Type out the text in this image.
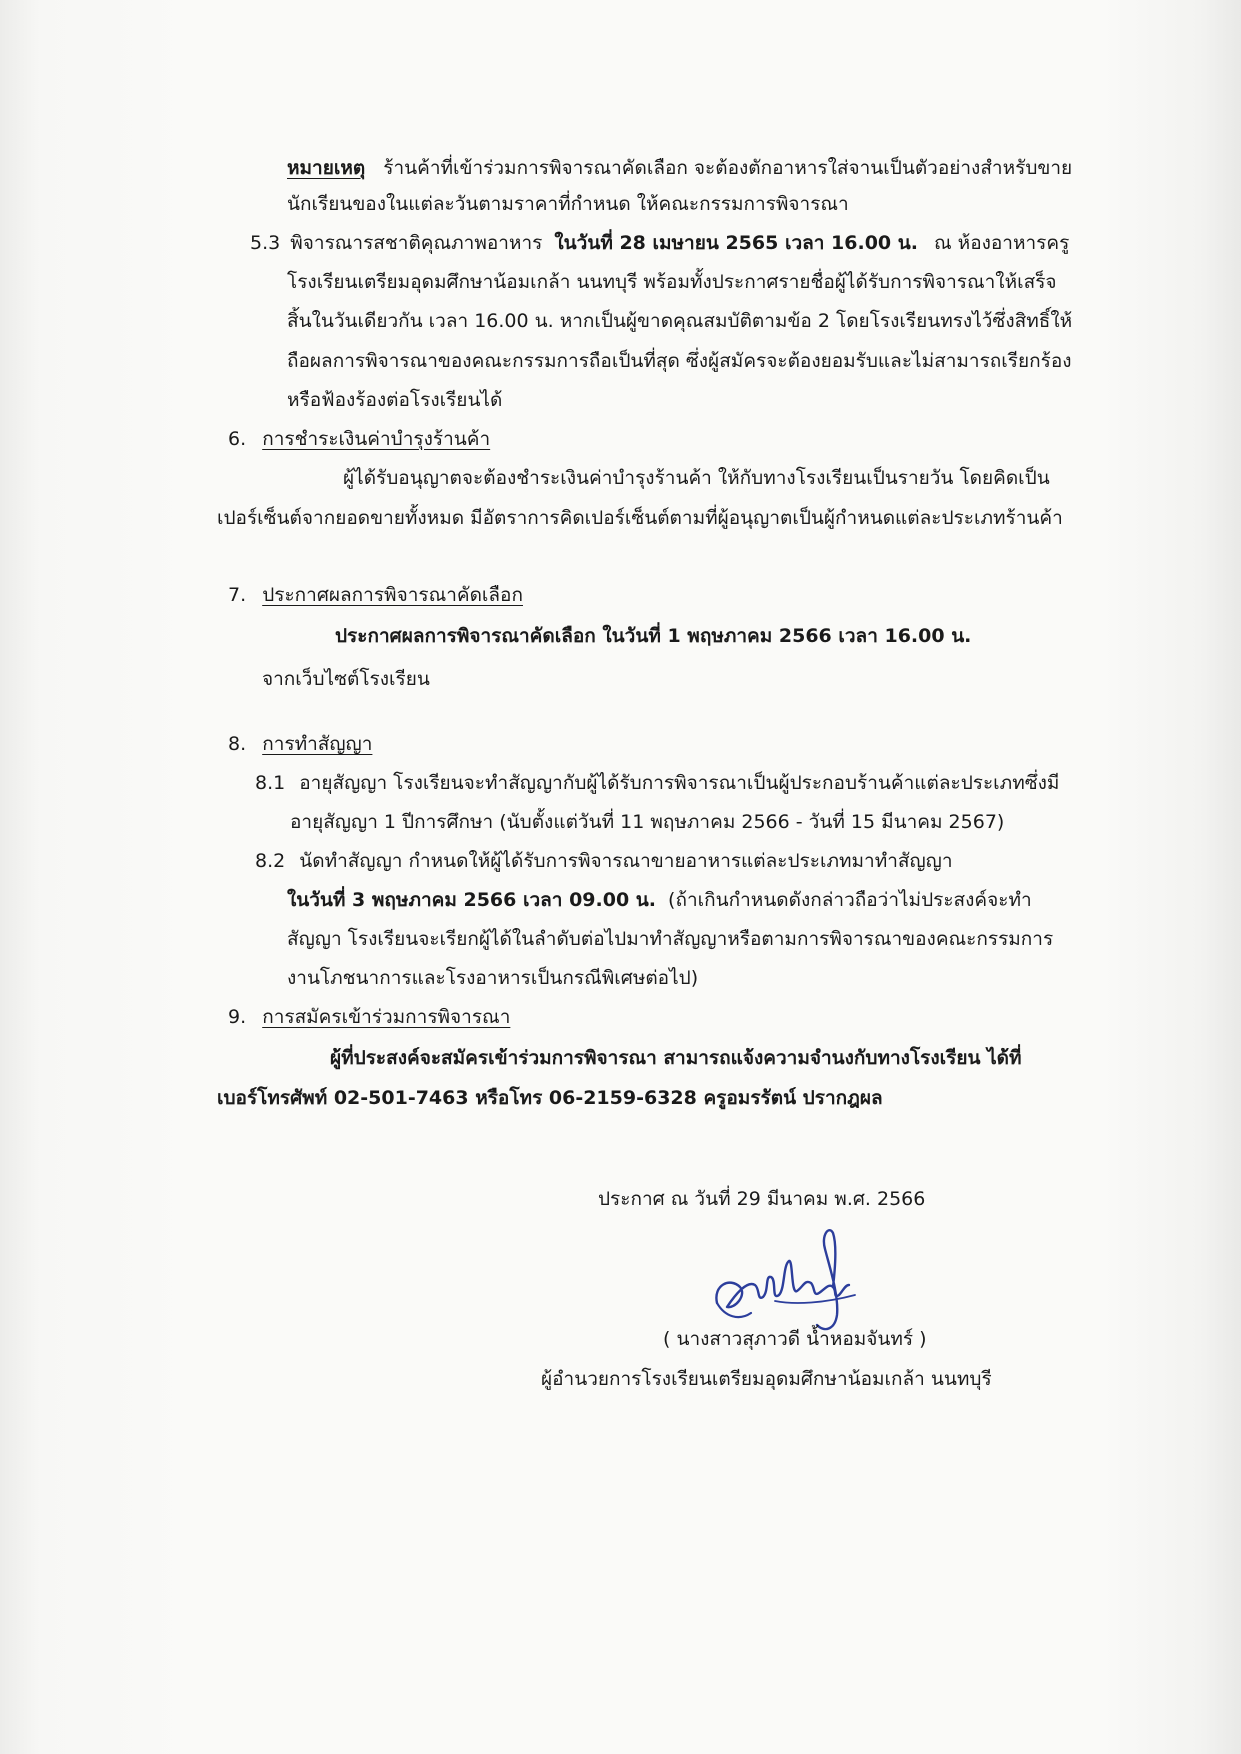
หมายเหตุ ร้านค้าที่เข้าร่วมการพิจารณาคัดเลือก จะต้องตักอาหารใส่จานเป็นตัวอย่างสำหรับขาย
นักเรียนของในแต่ละวันตามราคาที่กำหนด ให้คณะกรรมการพิจารณา
5.3 พิจารณารสชาติคุณภาพอาหาร ในวันที่ 28 เมษายน 2565 เวลา 16.00 น. ณ ห้องอาหารครู
โรงเรียนเตรียมอุดมศึกษาน้อมเกล้า นนทบุรี พร้อมทั้งประกาศรายชื่อผู้ได้รับการพิจารณาให้เสร็จ
สิ้นในวันเดียวกัน เวลา 16.00 น. หากเป็นผู้ขาดคุณสมบัติตามข้อ 2 โดยโรงเรียนทรงไว้ซึ่งสิทธิ์ให้
ถือผลการพิจารณาของคณะกรรมการถือเป็นที่สุด ซึ่งผู้สมัครจะต้องยอมรับและไม่สามารถเรียกร้อง
หรือฟ้องร้องต่อโรงเรียนได้
6. การชำระเงินค่าบำรุงร้านค้า
ผู้ได้รับอนุญาตจะต้องชำระเงินค่าบำรุงร้านค้า ให้กับทางโรงเรียนเป็นรายวัน โดยคิดเป็น
เปอร์เซ็นต์จากยอดขายทั้งหมด มีอัตราการคิดเปอร์เซ็นต์ตามที่ผู้อนุญาตเป็นผู้กำหนดแต่ละประเภทร้านค้า
7. ประกาศผลการพิจารณาคัดเลือก
ประกาศผลการพิจารณาคัดเลือก ในวันที่ 1 พฤษภาคม 2566 เวลา 16.00 น.
จากเว็บไซต์โรงเรียน
8. การทำสัญญา
8.1 อายุสัญญา โรงเรียนจะทำสัญญากับผู้ได้รับการพิจารณาเป็นผู้ประกอบร้านค้าแต่ละประเภทซึ่งมี
อายุสัญญา 1 ปีการศึกษา (นับตั้งแต่วันที่ 11 พฤษภาคม 2566 - วันที่ 15 มีนาคม 2567)
8.2 นัดทำสัญญา กำหนดให้ผู้ได้รับการพิจารณาขายอาหารแต่ละประเภทมาทำสัญญา
ในวันที่ 3 พฤษภาคม 2566 เวลา 09.00 น. (ถ้าเกินกำหนดดังกล่าวถือว่าไม่ประสงค์จะทำ
สัญญา โรงเรียนจะเรียกผู้ได้ในลำดับต่อไปมาทำสัญญาหรือตามการพิจารณาของคณะกรรมการ
งานโภชนาการและโรงอาหารเป็นกรณีพิเศษต่อไป)
9. การสมัครเข้าร่วมการพิจารณา
ผู้ที่ประสงค์จะสมัครเข้าร่วมการพิจารณา สามารถแจ้งความจำนงกับทางโรงเรียน ได้ที่
เบอร์โทรศัพท์ 02-501-7463 หรือโทร 06-2159-6328 ครูอมรรัตน์ ปรากฎผล
ประกาศ ณ วันที่ 29 มีนาคม พ.ศ. 2566
( นางสาวสุภาวดี น้ำหอมจันทร์ )
ผู้อำนวยการโรงเรียนเตรียมอุดมศึกษาน้อมเกล้า นนทบุรี
